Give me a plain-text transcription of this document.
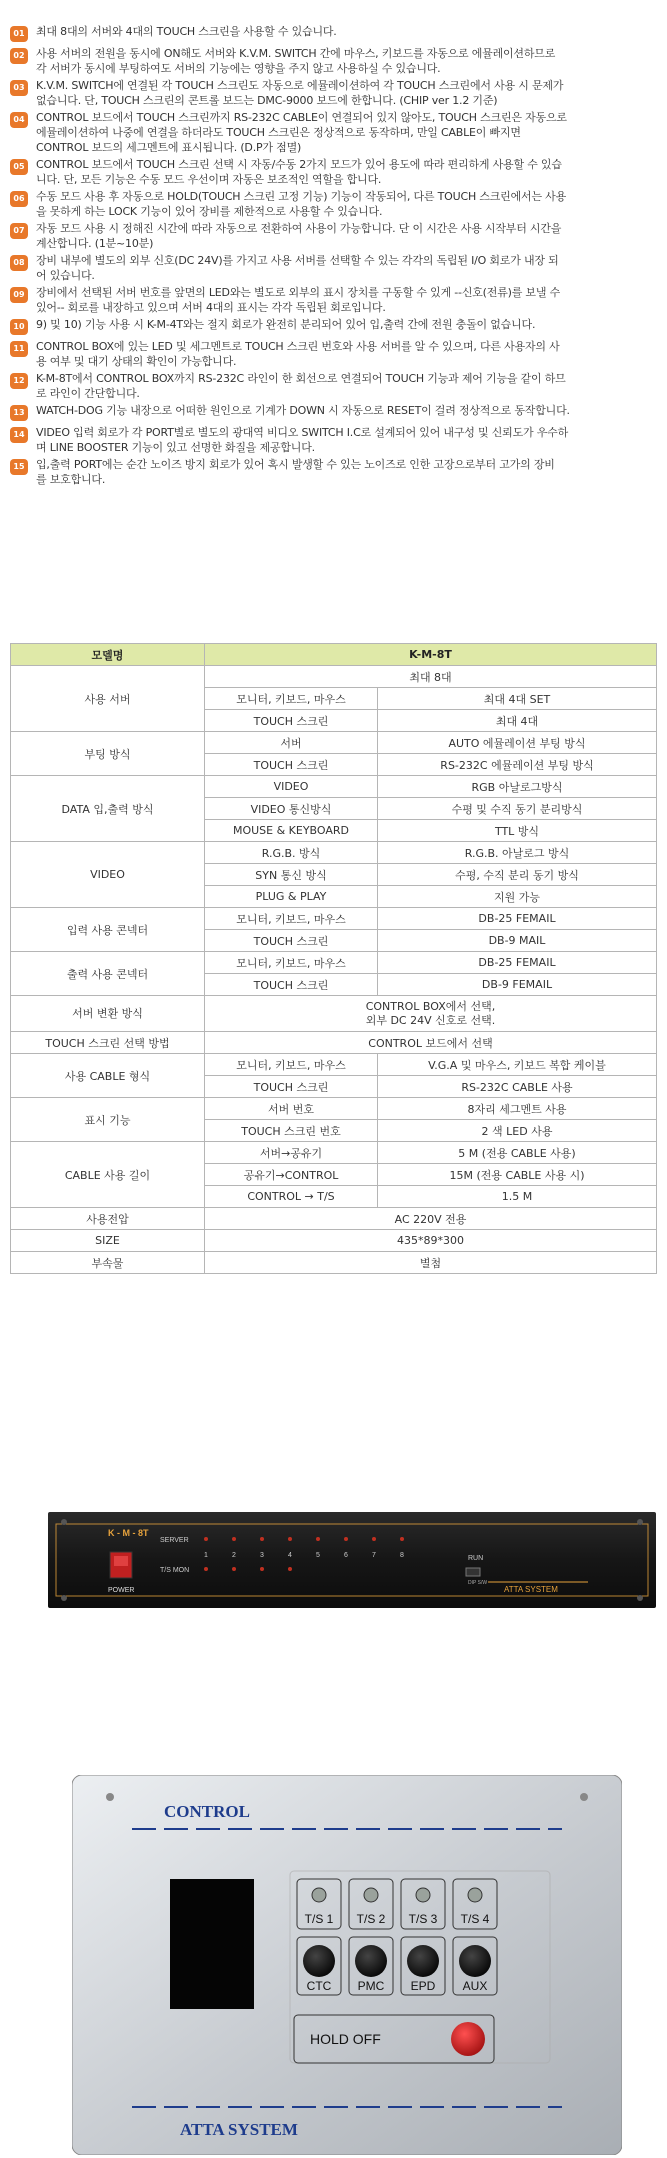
01	최대 8대의 서버와 4대의 TOUCH 스크린을 사용할 수 있습니다.
02	사용 서버의 전원을 동시에 ON해도 서버와 K.V.M. SWITCH 간에 마우스, 키보드를 자동으로 에뮬레이션하므로
각 서버가 동시에 부팅하여도 서버의 기능에는 영향을 주지 않고 사용하실 수 있습니다.
03	K.V.M. SWITCH에 연결된 각 TOUCH 스크린도 자동으로 에뮬레이션하여 각 TOUCH 스크린에서 사용 시 문제가
없습니다. 단, TOUCH 스크린의 콘트롤 보드는 DMC-9000 보드에 한합니다. (CHIP ver 1.2 기준)
04	CONTROL 보드에서 TOUCH 스크린까지 RS-232C CABLE이 연결되어 있지 않아도, TOUCH 스크린은 자동으로
에뮬레이션하여 나중에 연결을 하더라도 TOUCH 스크린은 정상적으로 동작하며, 만일 CABLE이 빠지면
CONTROL 보드의 세그멘트에 표시됩니다. (D.P가 점멸)
05	CONTROL 보드에서 TOUCH 스크린 선택 시 자동/수동 2가지 모드가 있어 용도에 따라 편리하게 사용할 수 있습
니다. 단, 모든 기능은 수동 모드 우선이며 자동은 보조적인 역할을 합니다.
06	수동 모드 사용 후 자동으로 HOLD(TOUCH 스크린 고정 기능) 기능이 작동되어, 다른 TOUCH 스크린에서는 사용
을 못하게 하는 LOCK 기능이 있어 장비를 제한적으로 사용할 수 있습니다.
07	자동 모드 사용 시 정해진 시간에 따라 자동으로 전환하여 사용이 가능합니다. 단 이 시간은 사용 시작부터 시간을
계산합니다. (1분~10분)
08	장비 내부에 별도의 외부 신호(DC 24V)를 가지고 사용 서버를 선택할 수 있는 각각의 독립된 I/O 회로가 내장 되
어 있습니다.
09	장비에서 선택된 서버 번호를 앞면의 LED와는 별도로 외부의 표시 장치를 구동할 수 있게 --신호(전류)를 보낼 수
있어-- 회로를 내장하고 있으며 서버 4대의 표시는 각각 독립된 회로입니다.
10	9) 및 10) 기능 사용 시 K-M-4T와는 절지 회로가 완전히 분리되어 있어 입,출력 간에 전원 충돌이 없습니다.
11	CONTROL BOX에 있는 LED 및 세그멘트로 TOUCH 스크린 번호와 사용 서버를 알 수 있으며, 다른 사용자의 사
용 여부 및 대기 상태의 확인이 가능합니다.
12	K-M-8T에서 CONTROL BOX까지 RS-232C 라인이 한 회선으로 연결되어 TOUCH 기능과 제어 기능을 같이 하므
로 라인이 간단합니다.
13	WATCH-DOG 기능 내장으로 어떠한 원인으로 기계가 DOWN 시 자동으로 RESET이 걸려 정상적으로 동작합니다.
14	VIDEO 입력 회로가 각 PORT별로 별도의 광대역 비디오 SWITCH I.C로 설계되어 있어 내구성 및 신뢰도가 우수하
며 LINE BOOSTER 기능이 있고 선명한 화질을 제공합니다.
15	입,출력 PORT에는 순간 노이즈 방지 회로가 있어 혹시 발생할 수 있는 노이즈로 인한 고장으로부터 고가의 장비
를 보호합니다.
모델명	K-M-8T	
사용 서버	최대 8대	
	모니터, 키보드, 마우스	최대 4대 SET
	TOUCH 스크린	최대 4대
부팅 방식	서버	AUTO 에뮬레이션 부팅 방식
	TOUCH 스크린	RS-232C 에뮬레이션 부팅 방식
DATA 입,출력 방식	VIDEO	RGB 아날로그방식
	VIDEO 통신방식	수평 및 수직 동기 분리방식
	MOUSE & KEYBOARD	TTL 방식
VIDEO	R.G.B. 방식	R.G.B. 아날로그 방식
	SYN 통신 방식	수평, 수직 분리 동기 방식
	PLUG & PLAY	지원 가능
입력 사용 콘넥터	모니터, 키보드, 마우스	DB-25 FEMAIL
	TOUCH 스크린	DB-9 MAIL
출력 사용 콘넥터	모니터, 키보드, 마우스	DB-25 FEMAIL
	TOUCH 스크린	DB-9 FEMAIL
서버 변환 방식	CONTROL BOX에서 선택,
외부 DC 24V 신호로 선택.	

TOUCH 스크린 선택 방법	CONTROL 보드에서 선택	
사용 CABLE 형식	모니터, 키보드, 마우스	V.G.A 및 마우스, 키보드 복합 케이블
	TOUCH 스크린	RS-232C CABLE 사용
표시 기능	서버 번호	8자리 세그멘트 사용
	TOUCH 스크린 번호	2 색 LED 사용
CABLE 사용 길이	서버→공유기	5 M (전용 CABLE 사용)
	공유기→CONTROL	15M (전용 CABLE 사용 시)
	CONTROL → T/S	1.5 M
사용전압	AC 220V 전용	
SIZE	435*89*300	
부속물	별첨	
K - M - 8T
POWER
SERVER
T/S MON
1	2	3	4	5	6	7	8	RUN
DIP S/W
ATTA SYSTEM
CONTROL
T/S 1 T/S 2 T/S 3 T/S 4
CTC PMC EPD AUX
HOLD OFF
ATTA SYSTEM
